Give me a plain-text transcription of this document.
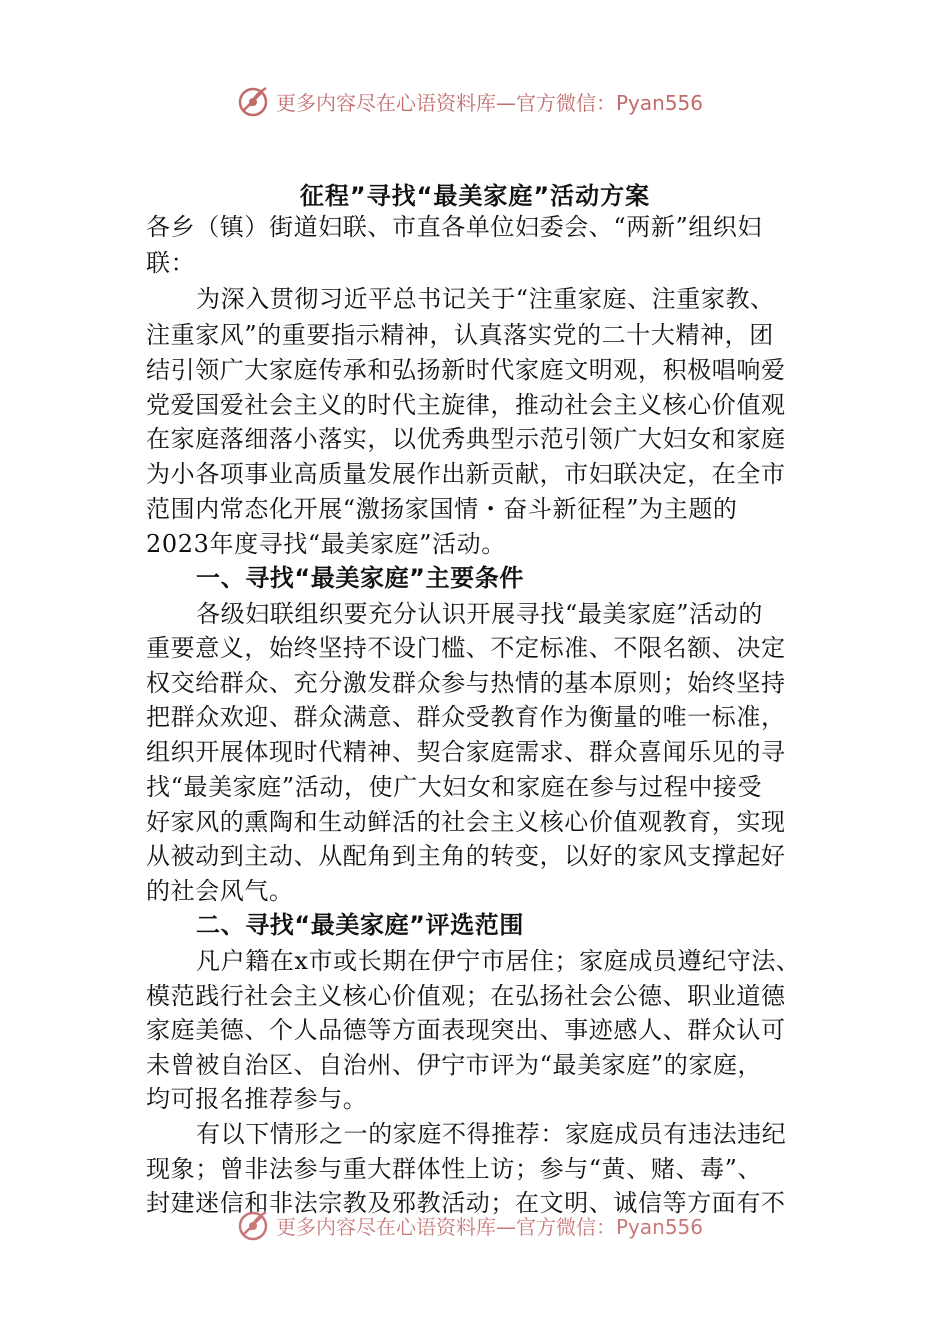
更多内容尽在心语资料库—官方微信：Pyan556
征程”寻找“最美家庭”活动方案
各乡（镇）街道妇联、市直各单位妇委会、“两新”组织妇
联：
为深入贯彻习近平总书记关于“注重家庭、注重家教、
注重家风”的重要指示精神，认真落实党的二十大精神，团
结引领广大家庭传承和弘扬新时代家庭文明观，积极唱响爱
党爱国爱社会主义的时代主旋律，推动社会主义核心价值观
在家庭落细落小落实，以优秀典型示范引领广大妇女和家庭
为小各项事业高质量发展作出新贡献，市妇联决定，在全市
范围内常态化开展“激扬家国情・奋斗新征程”为主题的
2023年度寻找“最美家庭”活动。
一、寻找“最美家庭”主要条件
各级妇联组织要充分认识开展寻找“最美家庭”活动的
重要意义，始终坚持不设门槛、不定标准、不限名额、决定
权交给群众、充分激发群众参与热情的基本原则；始终坚持
把群众欢迎、群众满意、群众受教育作为衡量的唯一标准，
组织开展体现时代精神、契合家庭需求、群众喜闻乐见的寻
找“最美家庭”活动，使广大妇女和家庭在参与过程中接受
好家风的熏陶和生动鲜活的社会主义核心价值观教育，实现
从被动到主动、从配角到主角的转变，以好的家风支撑起好
的社会风气。
二、寻找“最美家庭”评选范围
凡户籍在x市或长期在伊宁市居住；家庭成员遵纪守法、
模范践行社会主义核心价值观；在弘扬社会公德、职业道德
家庭美德、个人品德等方面表现突出、事迹感人、群众认可
未曾被自治区、自治州、伊宁市评为“最美家庭”的家庭，
均可报名推荐参与。
有以下情形之一的家庭不得推荐：家庭成员有违法违纪
现象；曾非法参与重大群体性上访；参与“黄、赌、毒”、
封建迷信和非法宗教及邪教活动；在文明、诚信等方面有不
更多内容尽在心语资料库—官方微信：Pyan556
